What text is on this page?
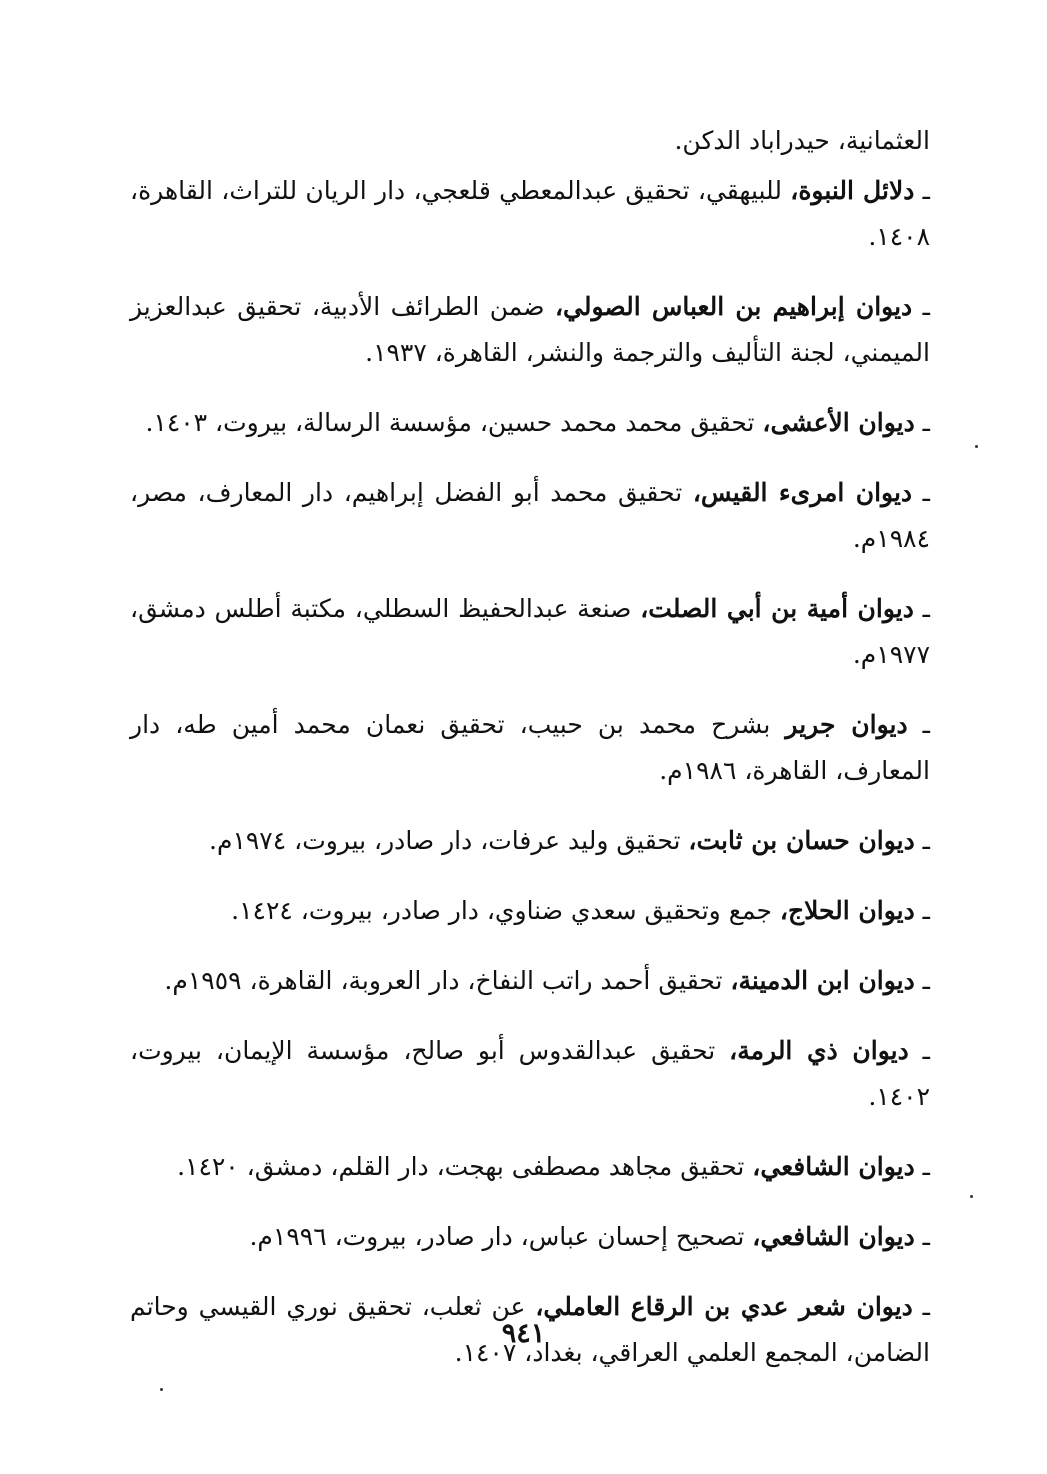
العثمانية، حيدراباد الدكن.

ـ دلائل النبوة، للبيهقي، تحقيق عبدالمعطي قلعجي، دار الريان للتراث، القاهرة، ١٤٠٨.

ـ ديوان إبراهيم بن العباس الصولي، ضمن الطرائف الأدبية، تحقيق عبدالعزيز الميمني، لجنة التأليف والترجمة والنشر، القاهرة، ١٩٣٧.

ـ ديوان الأعشى، تحقيق محمد محمد حسين، مؤسسة الرسالة، بيروت، ١٤٠٣.

ـ ديوان امرىء القيس، تحقيق محمد أبو الفضل إبراهيم، دار المعارف، مصر، ١٩٨٤م.

ـ ديوان أمية بن أبي الصلت، صنعة عبدالحفيظ السطلي، مكتبة أطلس دمشق، ١٩٧٧م.

ـ ديوان جرير بشرح محمد بن حبيب، تحقيق نعمان محمد أمين طه، دار المعارف، القاهرة، ١٩٨٦م.

ـ ديوان حسان بن ثابت، تحقيق وليد عرفات، دار صادر، بيروت، ١٩٧٤م.

ـ ديوان الحلاج، جمع وتحقيق سعدي ضناوي، دار صادر، بيروت، ١٤٢٤.

ـ ديوان ابن الدمينة، تحقيق أحمد راتب النفاخ، دار العروبة، القاهرة، ١٩٥٩م.

ـ ديوان ذي الرمة، تحقيق عبدالقدوس أبو صالح، مؤسسة الإيمان، بيروت، ١٤٠٢.

ـ ديوان الشافعي، تحقيق مجاهد مصطفى بهجت، دار القلم، دمشق، ١٤٢٠.

ـ ديوان الشافعي، تصحيح إحسان عباس، دار صادر، بيروت، ١٩٩٦م.

ـ ديوان شعر عدي بن الرقاع العاملي، عن ثعلب، تحقيق نوري القيسي وحاتم الضامن، المجمع العلمي العراقي، بغداد، ١٤٠٧.

٩٤١
